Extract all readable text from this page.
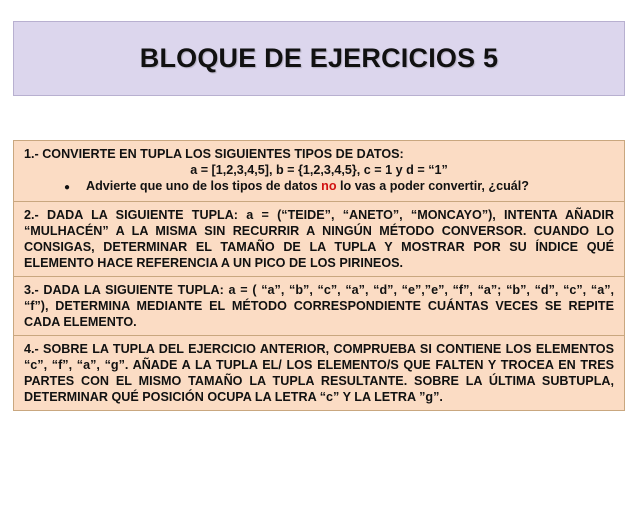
BLOQUE DE EJERCICIOS 5
1.- CONVIERTE EN TUPLA LOS SIGUIENTES TIPOS DE DATOS:
a = [1,2,3,4,5], b = {1,2,3,4,5}, c = 1 y d = “1”
●	Advierte que uno de los tipos de datos no lo vas a poder convertir, ¿cuál?
2.- DADA LA SIGUIENTE TUPLA: a = (“TEIDE”, “ANETO”, “MONCAYO”), INTENTA AÑADIR “MULHACÉN” A LA MISMA SIN RECURRIR A NINGÚN MÉTODO CONVERSOR. CUANDO LO CONSIGAS, DETERMINAR EL TAMAÑO DE LA TUPLA Y MOSTRAR POR SU ÍNDICE QUÉ ELEMENTO HACE REFERENCIA A UN PICO DE LOS PIRINEOS.
3.- DADA LA SIGUIENTE TUPLA: a = ( “a”, “b”, “c”, “a”, “d”, “e”,”e”, “f”, “a”; “b”, “d”, “c”, “a”, “f”), DETERMINA MEDIANTE EL MÉTODO CORRESPONDIENTE CUÁNTAS VECES SE REPITE CADA ELEMENTO.
4.- SOBRE LA TUPLA DEL EJERCICIO ANTERIOR, COMPRUEBA SI CONTIENE LOS ELEMENTOS “c”, “f”, “a”, “g”. AÑADE A LA TUPLA EL/ LOS ELEMENTO/S QUE FALTEN Y TROCEA EN TRES PARTES CON EL MISMO TAMAÑO LA TUPLA RESULTANTE. SOBRE LA ÚLTIMA SUBTUPLA, DETERMINAR QUÉ POSICIÓN OCUPA LA LETRA “c” Y LA LETRA ”g”.
